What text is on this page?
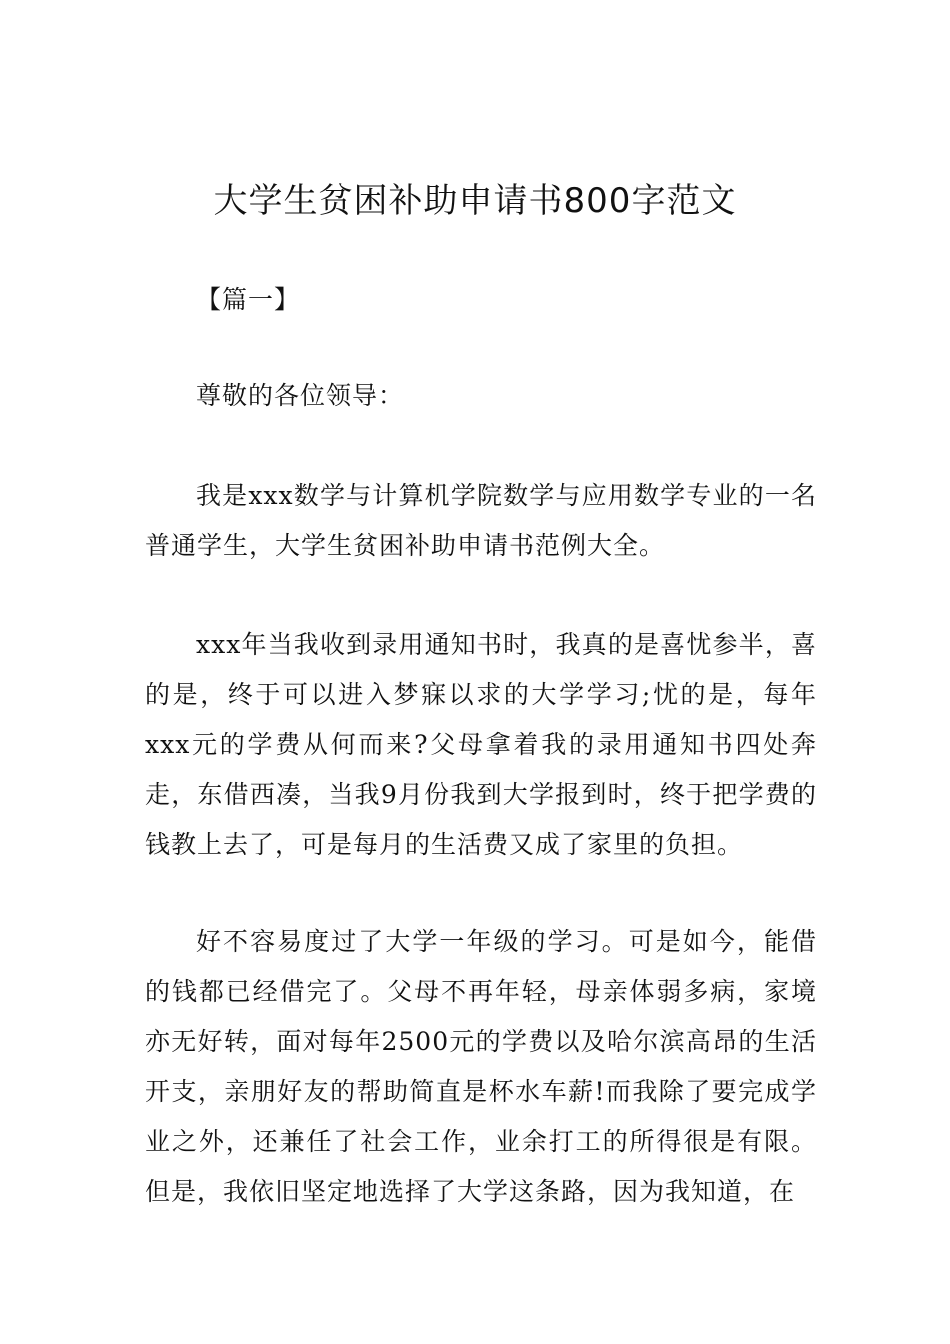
大学生贫困补助申请书800字范文

【篇一】

尊敬的各位领导：

我是xxx数学与计算机学院数学与应用数学专业的一名普通学生，大学生贫困补助申请书范例大全。

xxx年当我收到录用通知书时，我真的是喜忧参半，喜的是，终于可以进入梦寐以求的大学学习;忧的是，每年xxx元的学费从何而来?父母拿着我的录用通知书四处奔走，东借西凑，当我9月份我到大学报到时，终于把学费的钱教上去了，可是每月的生活费又成了家里的负担。

好不容易度过了大学一年级的学习。可是如今，能借的钱都已经借完了。父母不再年轻，母亲体弱多病，家境亦无好转，面对每年2500元的学费以及哈尔滨高昂的生活开支，亲朋好友的帮助简直是杯水车薪!而我除了要完成学业之外，还兼任了社会工作，业余打工的所得很是有限。但是，我依旧坚定地选择了大学这条路，因为我知道，在
